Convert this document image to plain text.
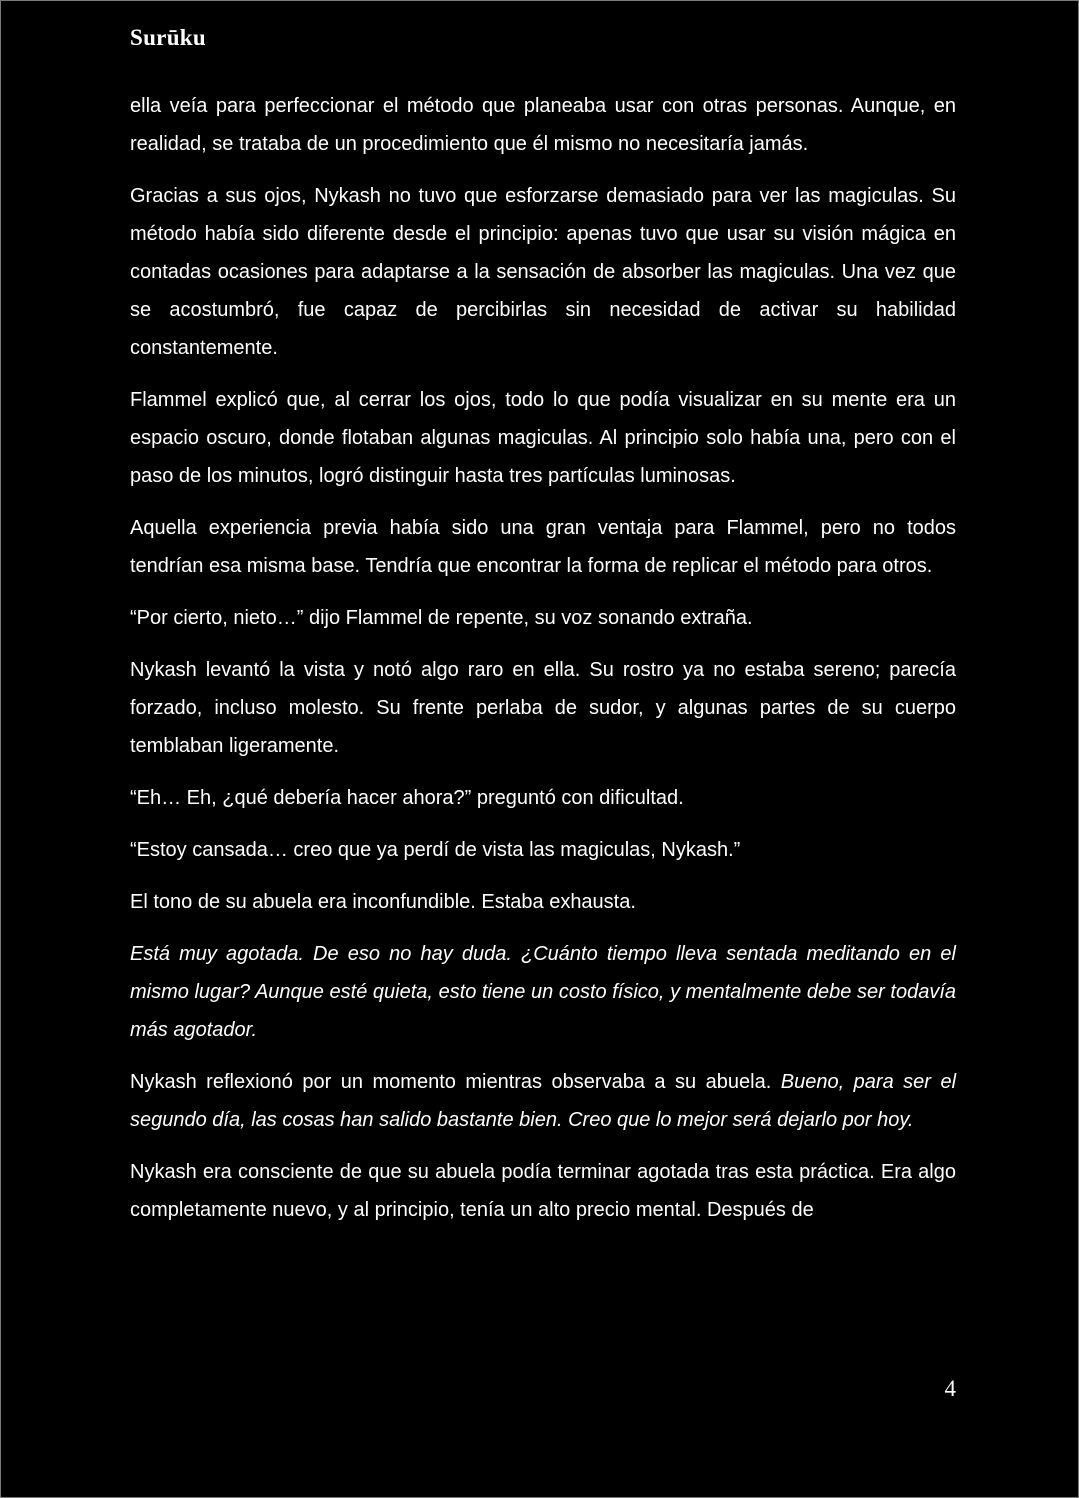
Surūku

ella veía para perfeccionar el método que planeaba usar con otras personas. Aunque, en realidad, se trataba de un procedimiento que él mismo no necesitaría jamás.

Gracias a sus ojos, Nykash no tuvo que esforzarse demasiado para ver las magiculas. Su método había sido diferente desde el principio: apenas tuvo que usar su visión mágica en contadas ocasiones para adaptarse a la sensación de absorber las magiculas. Una vez que se acostumbró, fue capaz de percibirlas sin necesidad de activar su habilidad constantemente.

Flammel explicó que, al cerrar los ojos, todo lo que podía visualizar en su mente era un espacio oscuro, donde flotaban algunas magiculas. Al principio solo había una, pero con el paso de los minutos, logró distinguir hasta tres partículas luminosas.

Aquella experiencia previa había sido una gran ventaja para Flammel, pero no todos tendrían esa misma base. Tendría que encontrar la forma de replicar el método para otros.

“Por cierto, nieto…” dijo Flammel de repente, su voz sonando extraña.

Nykash levantó la vista y notó algo raro en ella. Su rostro ya no estaba sereno; parecía forzado, incluso molesto. Su frente perlaba de sudor, y algunas partes de su cuerpo temblaban ligeramente.

“Eh… Eh, ¿qué debería hacer ahora?” preguntó con dificultad.

“Estoy cansada… creo que ya perdí de vista las magiculas, Nykash.”

El tono de su abuela era inconfundible. Estaba exhausta.

Está muy agotada. De eso no hay duda. ¿Cuánto tiempo lleva sentada meditando en el mismo lugar? Aunque esté quieta, esto tiene un costo físico, y mentalmente debe ser todavía más agotador.

Nykash reflexionó por un momento mientras observaba a su abuela. Bueno, para ser el segundo día, las cosas han salido bastante bien. Creo que lo mejor será dejarlo por hoy.

Nykash era consciente de que su abuela podía terminar agotada tras esta práctica. Era algo completamente nuevo, y al principio, tenía un alto precio mental. Después de

4
